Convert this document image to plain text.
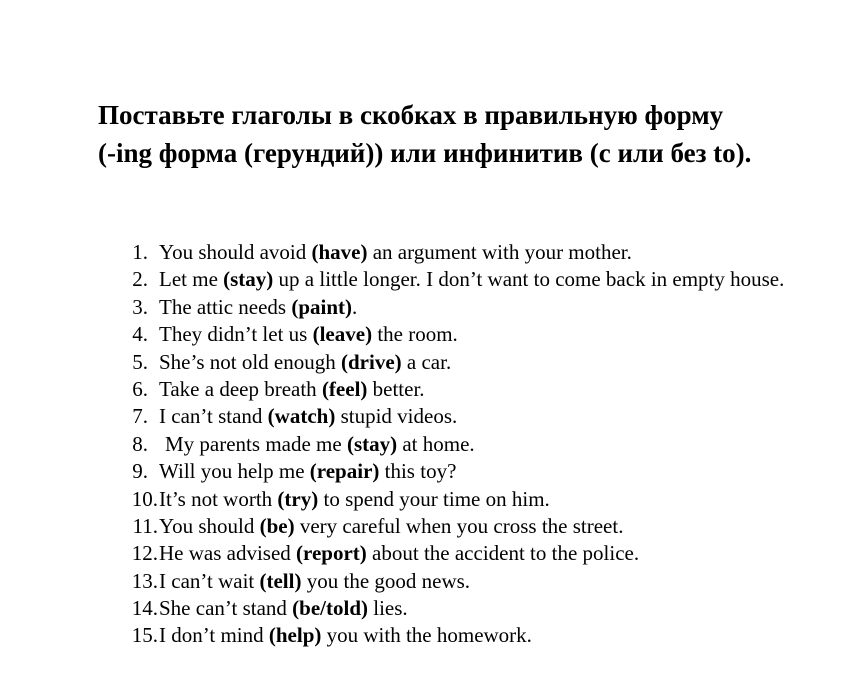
Поставьте глаголы в скобках в правильную форму
(-ing форма (герундий)) или инфинитив (с или без to).
1. You should avoid (have) an argument with your mother.
2. Let me (stay) up a little longer. I don’t want to come back in empty house.
3. The attic needs (paint).
4. They didn’t let us (leave) the room.
5. She’s not old enough (drive) a car.
6. Take a deep breath (feel) better.
7. I can’t stand (watch) stupid videos.
8. My parents made me (stay) at home.
9. Will you help me (repair) this toy?
10. It’s not worth (try) to spend your time on him.
11. You should (be) very careful when you cross the street.
12. He was advised (report) about the accident to the police.
13. I can’t wait (tell) you the good news.
14. She can’t stand (be/told) lies.
15. I don’t mind (help) you with the homework.
